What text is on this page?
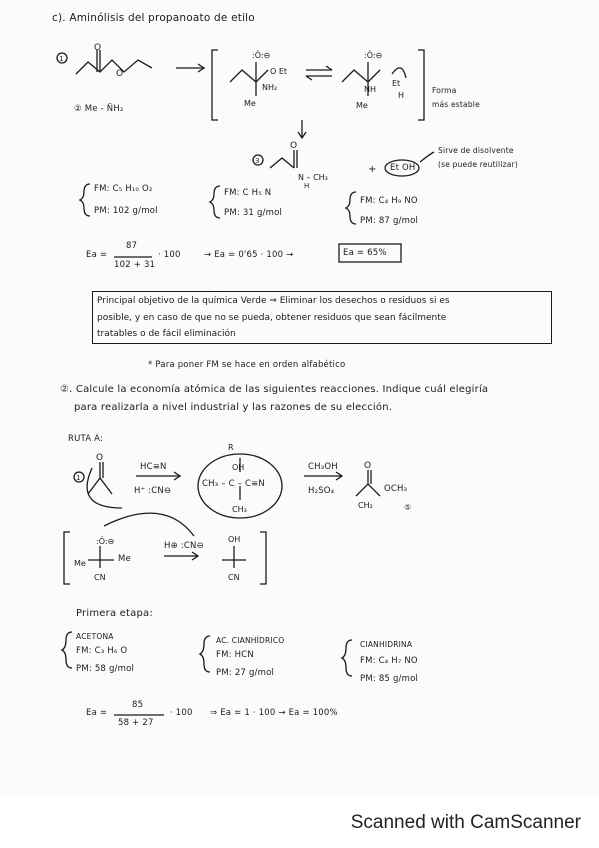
c). Aminólisis del propanoato de etilo
O
O
1	:Ö:⊖
NH₂
O Et
Me
:Ö:⊖
NH
Et
Me
H
3
O
N – CH₃
H
+
1
O
R
OH
CH₃
O
CH₂	⑤
:Ö:⊖
Me
CN
OH
CN
② Me - N̈H₂
Forma
más estable
Sirve de disolvente
(se puede reutilizar)
Et OH
FM: C₅ H₁₀ O₂
PM: 102 g/mol
FM: C H₅ N
PM: 31 g/mol
FM: C₄ H₉ NO
PM: 87 g/mol
Ea =
87
102 + 31
· 100	→ Ea = 0'65 · 100 →	Ea = 65%
Principal objetivo de la química Verde ⇒ Eliminar los desechos o residuos si es
posible, y en caso de que no se pueda, obtener residuos que sean fácilmente
tratables o de fácil eliminación
* Para poner FM se hace en orden alfabético
②. Calcule la economía atómica de las siguientes reacciones. Indique cuál elegiría
para realizarla a nivel industrial y las razones de su elección.
RUTA A:
HC≡N
H⁺ :CN⊖
CH₃ – C – C≡N
CH₃OH
H₂SO₄	OCH₃
Me
H⊕ :CN⊖
Primera etapa:
ACETONA
FM: C₃ H₆ O
PM: 58 g/mol
AC. CIANHÍDRICO
FM: HCN
PM: 27 g/mol
CIANHIDRINA
FM: C₄ H₇ NO
PM: 85 g/mol
Ea =
85
58 + 27
· 100 ⇒ Ea = 1 · 100 → Ea = 100%
Scanned with CamScanner
